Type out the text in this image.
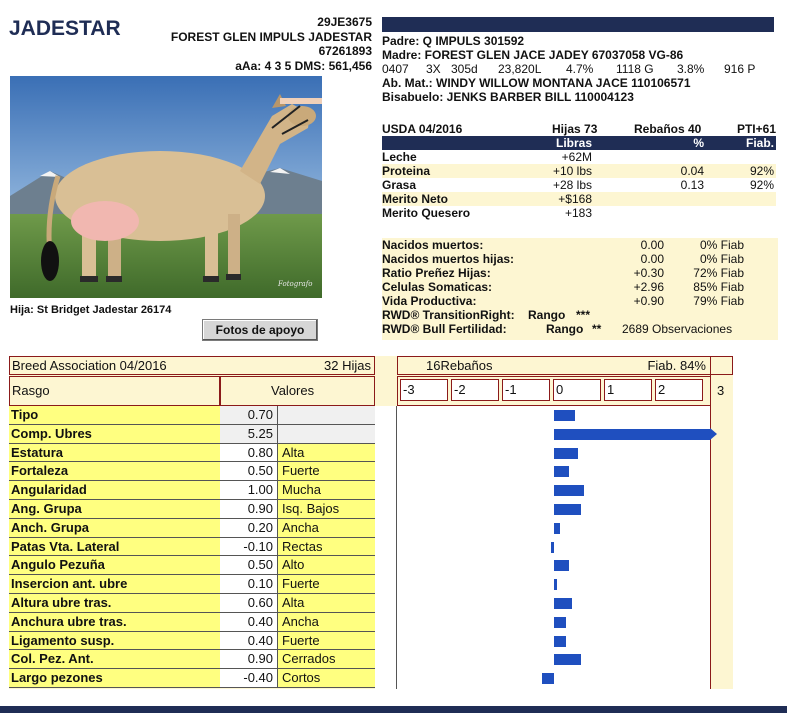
JADESTAR	29JE3675
FOREST GLEN IMPULS JADESTAR
67261893
aAa: 4 3 5 DMS: 561,456
Fotografo
Hija: St Bridget Jadestar 26174
Fotos de apoyo
Padre: Q IMPULS 301592
Madre: FOREST GLEN JACE JADEY 67037058 VG-86
0407 3X 305d 23,820L 4.7% 1118 G 3.8% 916 P
Ab. Mat.: WINDY WILLOW MONTANA JACE 110106571
Bisabuelo: JENKS BARBER BILL 110004123
USDA 04/2016	Hijas 73	Rebaños 40	PTI+61
Libras	%	Fiab.
Leche	+62M
Proteina	+10 lbs	0.04	92%
Grasa	+28 lbs	0.13	92%
Merito Neto	+$168
Merito Quesero	+183
Nacidos muertos:	0.00	0% Fiab
Nacidos muertos hijas:	0.00	0% Fiab
Ratio Preñez Hijas:	+0.30	72% Fiab
Celulas Somaticas:	+2.96	85% Fiab
Vida Productiva:	+0.90	79% Fiab
RWD® TransitionRight: Rango ***
RWD® Bull Fertilidad:	Rango ** 2689 Observaciones
Breed Association 04/2016	32 Hijas	16Rebaños	Fiab. 84%
Rasgo	Valores	-3	-2	-1	0	1	2	3
Tipo	0.70
Comp. Ubres	5.25
Estatura	0.80 Alta
Fortaleza	0.50 Fuerte
Angularidad	1.00 Mucha
Ang. Grupa	0.90 Isq. Bajos
Anch. Grupa	0.20 Ancha
Patas Vta. Lateral	-0.10 Rectas
Angulo Pezuña	0.50 Alto
Insercion ant. ubre	0.10 Fuerte
Altura ubre tras.	0.60 Alta
Anchura ubre tras.	0.40 Ancha
Ligamento susp.	0.40 Fuerte
Col. Pez. Ant.	0.90 Cerrados
Largo pezones	-0.40 Cortos
